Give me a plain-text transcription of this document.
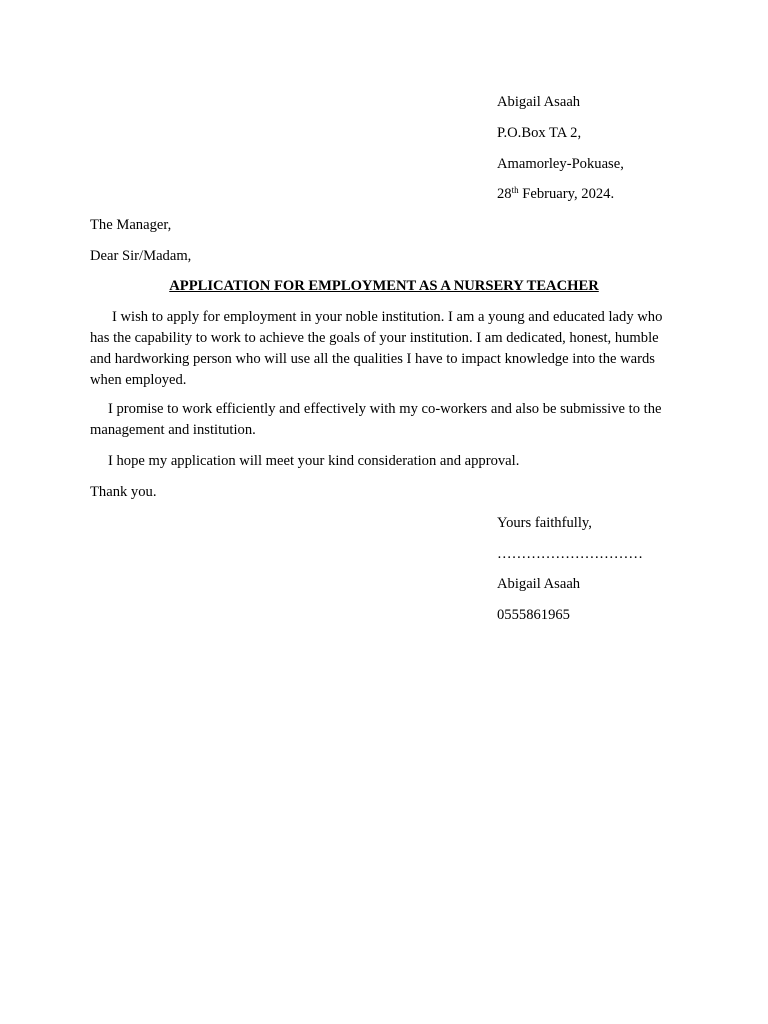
Abigail Asaah
P.O.Box TA 2,
Amamorley-Pokuase,
28th February, 2024.
The Manager,
Dear Sir/Madam,
APPLICATION FOR EMPLOYMENT AS A NURSERY TEACHER

I wish to apply for employment in your noble institution. I am a young and educated lady who has the capability to work to achieve the goals of your institution. I am dedicated, honest, humble and hardworking person who will use all the qualities I have to impact knowledge into the wards when employed.

I promise to work efficiently and effectively with my co-workers and also be submissive to the management and institution.

I hope my application will meet your kind consideration and approval.

Thank you.
Yours faithfully,
…………………………
Abigail Asaah
0555861965
